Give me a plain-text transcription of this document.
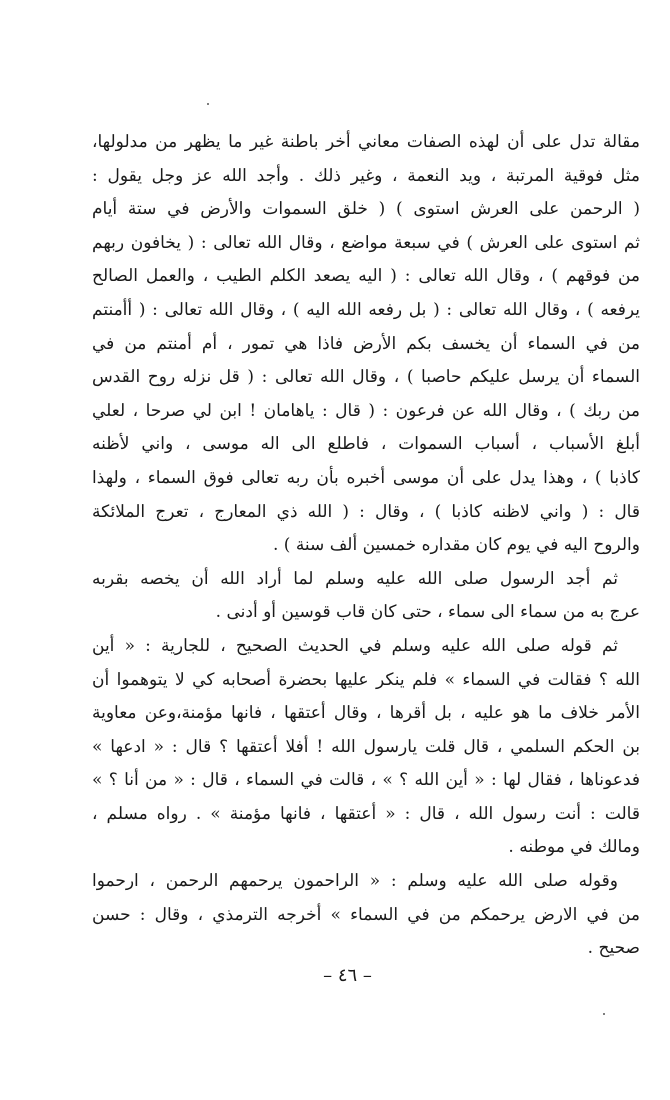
مقالة تدل على أن لهذه الصفات معاني أخر باطنة غير ما يظهر من مدلولها،
مثل فوقية المرتبة ، ويد النعمة ، وغير ذلك . وأجد الله عز وجل يقول :
( الرحمن على العرش استوى ) ( خلق السموات والأرض في ستة أيام
ثم استوى على العرش ) في سبعة مواضع ، وقال الله تعالى : ( يخافون ربهم
من فوقهم ) ، وقال الله تعالى : ( اليه يصعد الكلم الطيب ، والعمل الصالح
يرفعه ) ، وقال الله تعالى : ( بل رفعه الله اليه ) ، وقال الله تعالى : ( أأمنتم
من في السماء أن يخسف بكم الأرض فاذا هي تمور ، أم أمنتم من في
السماء أن يرسل عليكم حاصبا ) ، وقال الله تعالى : ( قل نزله روح القدس
من ربك ) ، وقال الله عن فرعون : ( قال : ياهامان ! ابن لي صرحا ، لعلي
أبلغ الأسباب ، أسباب السموات ، فاطلع الى اله موسى ، واني لأظنه
كاذبا ) ، وهذا يدل على أن موسى أخبره بأن ربه تعالى فوق السماء ، ولهذا
قال : ( واني لاظنه كاذبا ) ، وقال : ( الله ذي المعارج ، تعرج الملائكة
والروح اليه في يوم كان مقداره خمسين ألف سنة ) .
ثم أجد الرسول صلى الله عليه وسلم لما أراد الله أن يخصه بقربه
عرج به من سماء الى سماء ، حتى كان قاب قوسين أو أدنى .
ثم قوله صلى الله عليه وسلم في الحديث الصحيح ، للجارية : « أين
الله ؟ فقالت في السماء » فلم ينكر عليها بحضرة أصحابه كي لا يتوهموا أن
الأمر خلاف ما هو عليه ، بل أقرها ، وقال أعتقها ، فانها مؤمنة،وعن معاوية
بن الحكم السلمي ، قال قلت يارسول الله ! أفلا أعتقها ؟ قال : « ادعها »
فدعوناها ، فقال لها : « أين الله ؟ » ، قالت في السماء ، قال : « من أنا ؟ »
قالت : أنت رسول الله ، قال : « أعتقها ، فانها مؤمنة » . رواه مسلم ،
ومالك في موطنه .
وقوله صلى الله عليه وسلم : « الراحمون يرحمهم الرحمن ، ارحموا
من في الارض يرحمكم من في السماء » أخرجه الترمذي ، وقال : حسن
صحيح .
– ٤٦ –
